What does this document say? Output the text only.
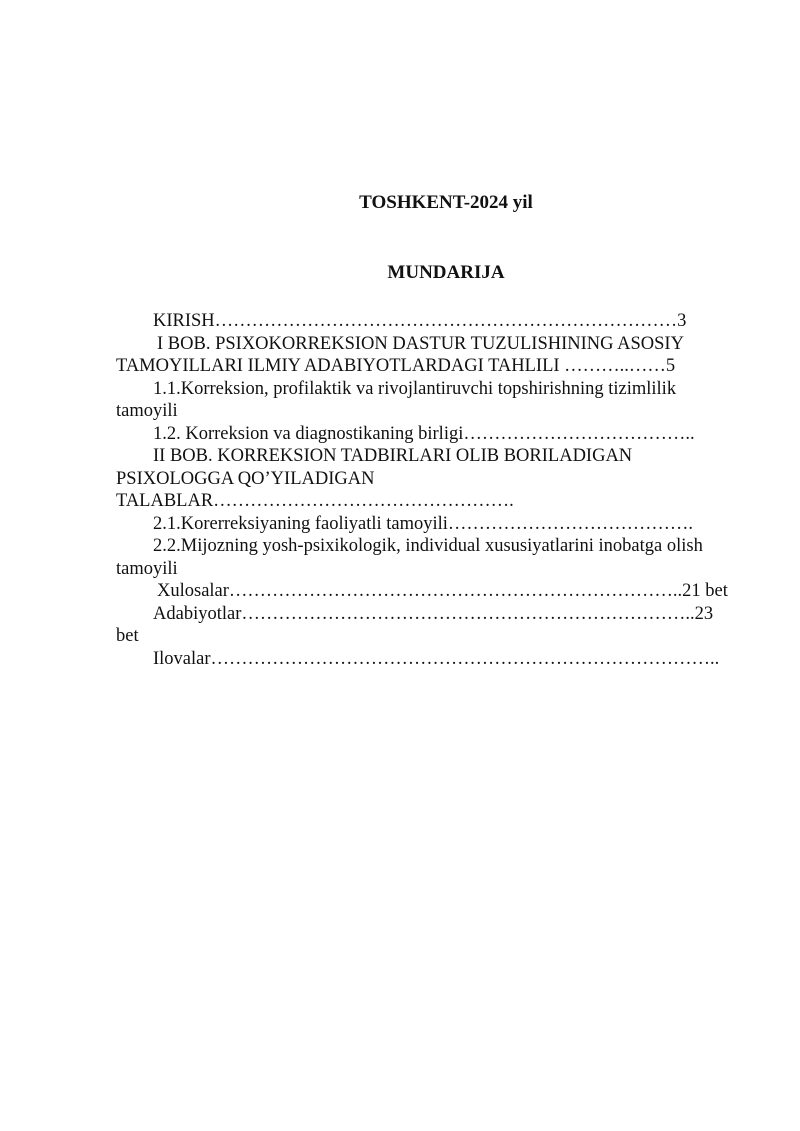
TOSHKENT-2024 yil
MUNDARIJA

KIRISH…………………………………………………………………3

I BOB. PSIXOKORREKSION DASTUR TUZULISHINING ASOSIY

TAMOYILLARI ILMIY ADABIYOTLARDAGI TAHLILI ………..……5

1.1.Korreksion, profilaktik va rivojlantiruvchi topshirishning tizimlilik

tamoyili

1.2. Korreksion va diagnostikaning birligi………………………………..

II BOB. KORREKSION TADBIRLARI OLIB BORILADIGAN

PSIXOLOGGA QO’YILADIGAN

TALABLAR………………………………………….

2.1.Korerreksiyaning faoliyatli tamoyili………………………………….

2.2.Mijozning yosh-psixikologik, individual xususiyatlarini inobatga olish

tamoyili

Xulosalar………………………………………………………………..21 bet

Adabiyotlar………………………………………………………………..23

bet

Ilovalar………………………………………………………………………..
